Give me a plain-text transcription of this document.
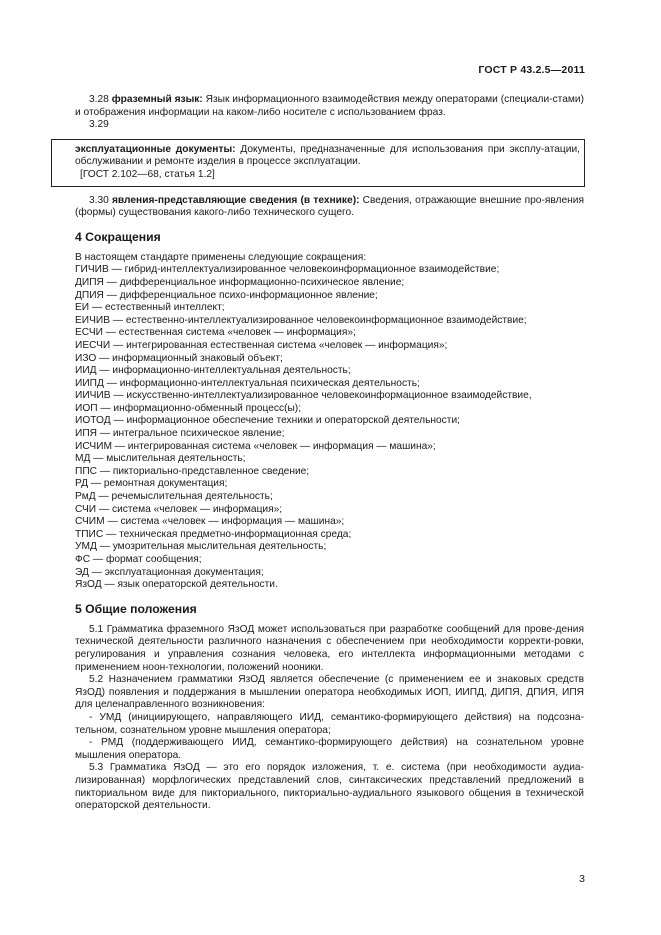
ГОСТ Р 43.2.5—2011

3.28 фраземный язык: Язык информационного взаимодействия между операторами (специали-стами) и отображения информации на каком-либо носителе с использованием фраз.

3.29

эксплуатационные документы: Документы, предназначенные для использования при эксплу-атации, обслуживании и ремонте изделия в процессе эксплуатации.

[ГОСТ 2.102—68, статья 1.2]

3.30 явления-представляющие сведения (в технике): Сведения, отражающие внешние про-явления (формы) существования какого-либо технического сущего.

4 Сокращения

В настоящем стандарте применены следующие сокращения:

ГИЧИВ — гибрид-интеллектуализированное человекоинформационное взаимодействие;

ДИПЯ — дифференциальное информационно-психическое явление;

ДПИЯ — дифференциальное психо-информационное явление;

ЕИ — естественный интеллект;

ЕИЧИВ — естественно-интеллектуализированное человекоинформационное взаимодействие;

ЕСЧИ — естественная система «человек — информация»;

ИЕСЧИ — интегрированная естественная система «человек — информация»;

ИЗО — информационный знаковый объект;

ИИД — информационно-интеллектуальная деятельность;

ИИПД — информационно-интеллектуальная психическая деятельность;

ИИЧИВ — искусственно-интеллектуализированное человекоинформационное взаимодействие,

ИОП — информационно-обменный процесс(ы);

ИОТОД — информационное обеспечение техники и операторской деятельности;

ИПЯ — интегральное психическое явление;

ИСЧИМ — интегрированная система «человек — информация — машина»;

МД — мыслительная деятельность;

ППС — пикториально-представленное сведение;

РД — ремонтная документация;

РмД — речемыслительная деятельность;

СЧИ — система «человек — информация»;

СЧИМ — система «человек — информация — машина»;

ТПИС — техническая предметно-информационная среда;

УМД — умозрительная мыслительная деятельность;

ФС — формат сообщения;

ЭД — эксплуатационная документация;

ЯзОД — язык операторской деятельности.

5 Общие положения

5.1 Грамматика фраземного ЯзОД может использоваться при разработке сообщений для прове-дения технической деятельности различного назначения с обеспечением при необходимости корректи-ровки, регулирования и управления сознания человека, его интеллекта информационными методами с применением ноон-технологии, положений нооники.

5.2 Назначением грамматики ЯзОД является обеспечение (с применением ее и знаковых средств ЯзОД) появления и поддержания в мышлении оператора необходимых ИОП, ИИПД, ДИПЯ, ДПИЯ, ИПЯ для целенаправленного возникновения:

- УМД (инициирующего, направляющего ИИД, семантико-формирующего действия) на подсозна-тельном, сознательном уровне мышления оператора;

- РМД (поддерживающего ИИД, семантико-формирующего действия) на сознательном уровне мышления оператора.

5.3 Грамматика ЯзОД — это его порядок изложения, т. е. система (при необходимости аудиа-лизированная) морфлогических представлений слов, синтаксических представлений предложений в пикториальном виде для пикториального, пикториально-аудиального языкового общения в технической операторской деятельности.

3
